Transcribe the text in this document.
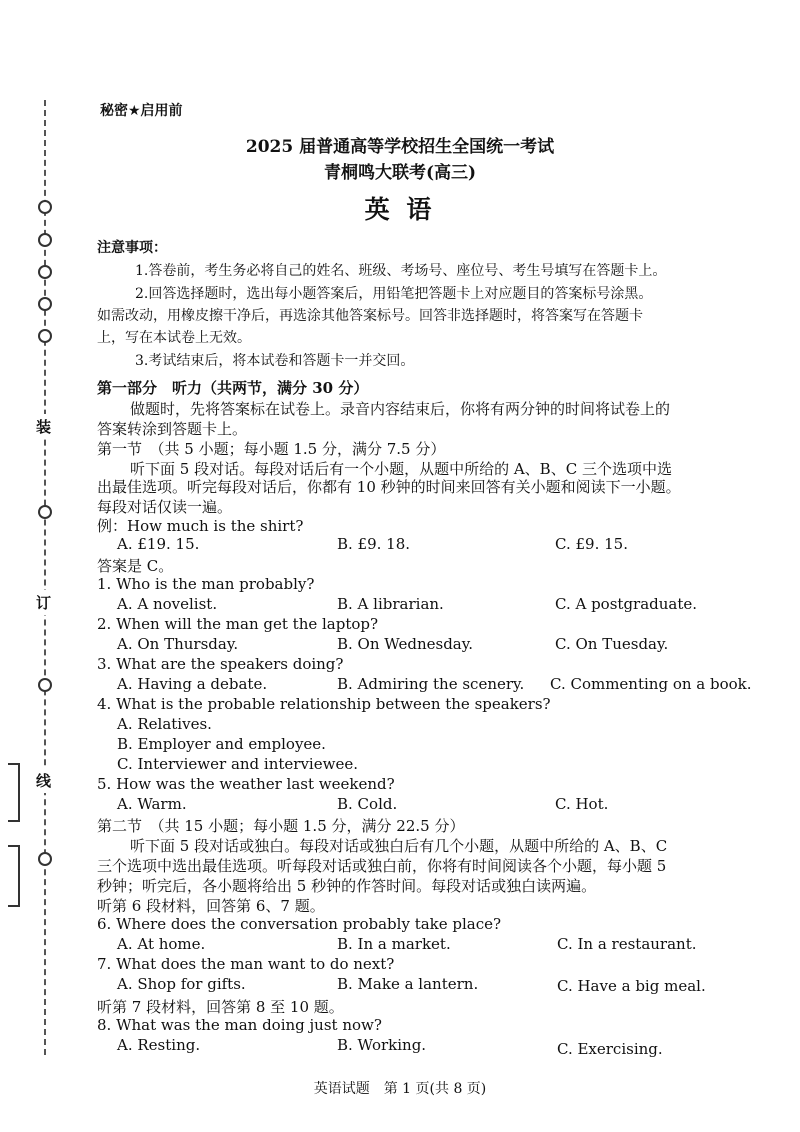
装
订
线
秘密★启用前
2025 届普通高等学校招生全国统一考试
青桐鸣大联考(高三)
英 语
注意事项：
1.答卷前，考生务必将自己的姓名、班级、考场号、座位号、考生号填写在答题卡上。
2.回答选择题时，选出每小题答案后，用铅笔把答题卡上对应题目的答案标号涂黑。
如需改动，用橡皮擦干净后，再选涂其他答案标号。回答非选择题时，将答案写在答题卡
上，写在本试卷上无效。
3.考试结束后，将本试卷和答题卡一并交回。
第一部分　听力（共两节，满分 30 分）
做题时，先将答案标在试卷上。录音内容结束后，你将有两分钟的时间将试卷上的
答案转涂到答题卡上。
第一节　（共 5 小题；每小题 1.5 分，满分 7.5 分）
听下面 5 段对话。每段对话后有一个小题，从题中所给的 A、B、C 三个选项中选
出最佳选项。听完每段对话后，你都有 10 秒钟的时间来回答有关小题和阅读下一小题。
每段对话仅读一遍。
例：How much is the shirt?
A. £19. 15.	B. £9. 18.	C. £9. 15.
答案是 C。
1. Who is the man probably?
A. A novelist.	B. A librarian.	C. A postgraduate.
2. When will the man get the laptop?
A. On Thursday.	B. On Wednesday.	C. On Tuesday.
3. What are the speakers doing?
A. Having a debate.	B. Admiring the scenery. C. Commenting on a book.
4. What is the probable relationship between the speakers?
A. Relatives.
B. Employer and employee.
C. Interviewer and interviewee.
5. How was the weather last weekend?
A. Warm.	B. Cold.	C. Hot.
第二节　（共 15 小题；每小题 1.5 分，满分 22.5 分）
听下面 5 段对话或独白。每段对话或独白后有几个小题，从题中所给的 A、B、C
三个选项中选出最佳选项。听每段对话或独白前，你将有时间阅读各个小题，每小题 5
秒钟；听完后，各小题将给出 5 秒钟的作答时间。每段对话或独白读两遍。
听第 6 段材料，回答第 6、7 题。
6. Where does the conversation probably take place?
A. At home.	B. In a market.	C. In a restaurant.
7. What does the man want to do next?
A. Shop for gifts.	B. Make a lantern.	C. Have a big meal.
听第 7 段材料，回答第 8 至 10 题。
8. What was the man doing just now?
A. Resting.	B. Working.	C. Exercising.
英语试题　第 1 页(共 8 页)
